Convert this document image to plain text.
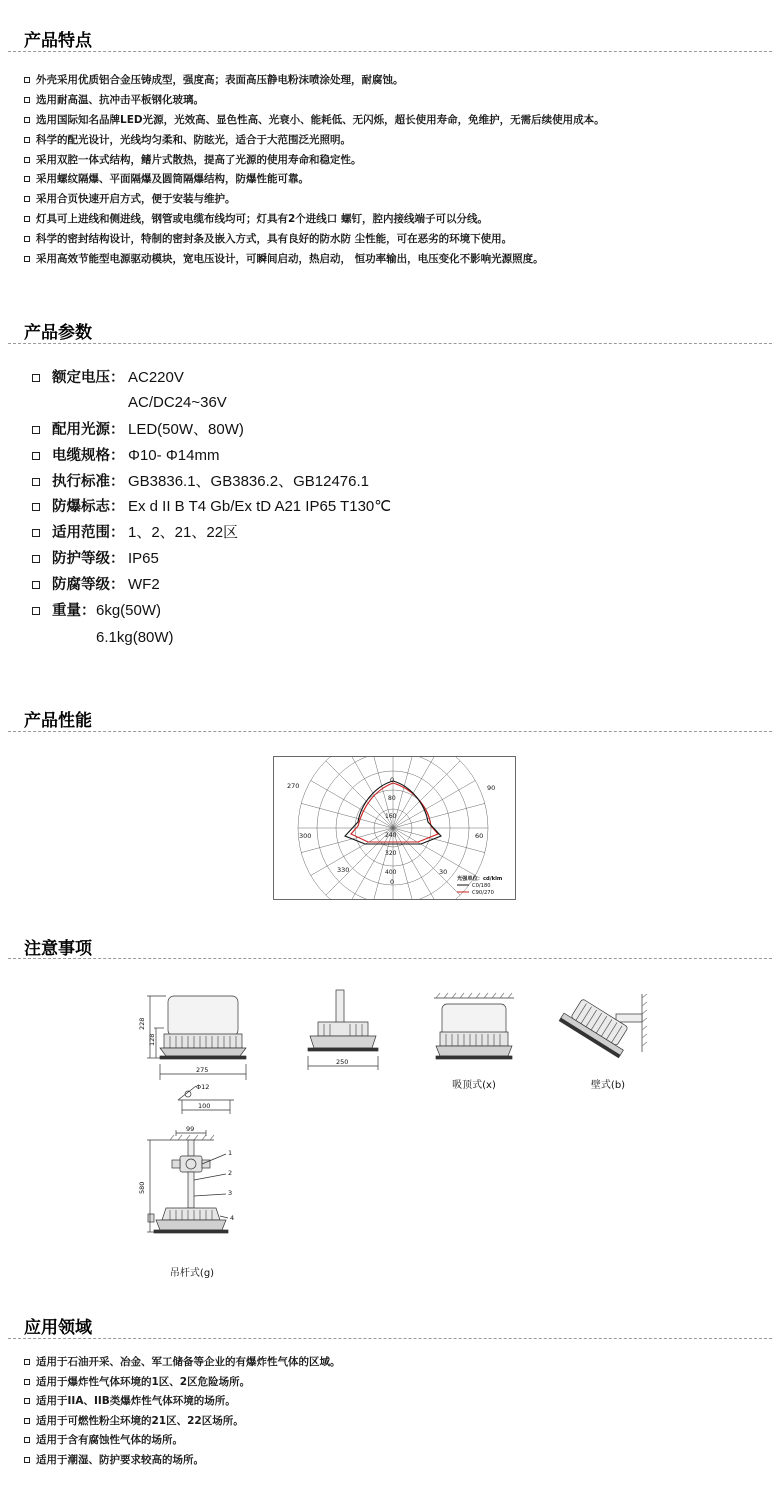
产品特点
外壳采用优质铝合金压铸成型，强度高；表面高压静电粉沫喷涂处理，耐腐蚀。
选用耐高温、抗冲击平板钢化玻璃。
选用国际知名品牌LED光源，光效高、显色性高、光衰小、能耗低、无闪烁，超长使用寿命，免维护，无需后续使用成本。
科学的配光设计，光线均匀柔和、防眩光，适合于大范围泛光照明。
采用双腔一体式结构，鳍片式散热，提高了光源的使用寿命和稳定性。
采用螺纹隔爆、平面隔爆及圆筒隔爆结构，防爆性能可靠。
采用合页快速开启方式，便于安装与维护。
灯具可上进线和侧进线，钢管或电缆布线均可；灯具有2个进线口 螺钉，腔内接线端子可以分线。
科学的密封结构设计，特制的密封条及嵌入方式，具有良好的防水防 尘性能，可在恶劣的环境下使用。
采用高效节能型电源驱动模块，宽电压设计，可瞬间启动，热启动， 恒功率输出，电压变化不影响光源照度。
产品参数
额定电压： AC220V
AC/DC24~36V
配用光源： LED(50W、80W)
电缆规格： Φ10- Φ14mm
执行标准： GB3836.1、GB3836.2、GB12476.1
防爆标志： Ex d II B T4 Gb/Ex tD A21 IP65 T130℃
适用范围： 1、2、21、22区
防护等级： IP65
防腐等级： WF2
重量： 6kg(50W)
6.1kg(80W)
产品性能
270	90
300	60
330	30
0
0
80
160
240
320
400
光强单位：cd/klm
C0/180
C90/270
注意事项
228
128
275
Φ12
100
250
吸顶式(x)	壁式(b)
99
580
1
2
3
4
吊杆式(g)
应用领域
适用于石油开采、冶金、军工储备等企业的有爆炸性气体的区域。
适用于爆炸性气体环境的1区、2区危险场所。
适用于IIA、IIB类爆炸性气体环境的场所。
适用于可燃性粉尘环境的21区、22区场所。
适用于含有腐蚀性气体的场所。
适用于潮湿、防护要求较高的场所。
